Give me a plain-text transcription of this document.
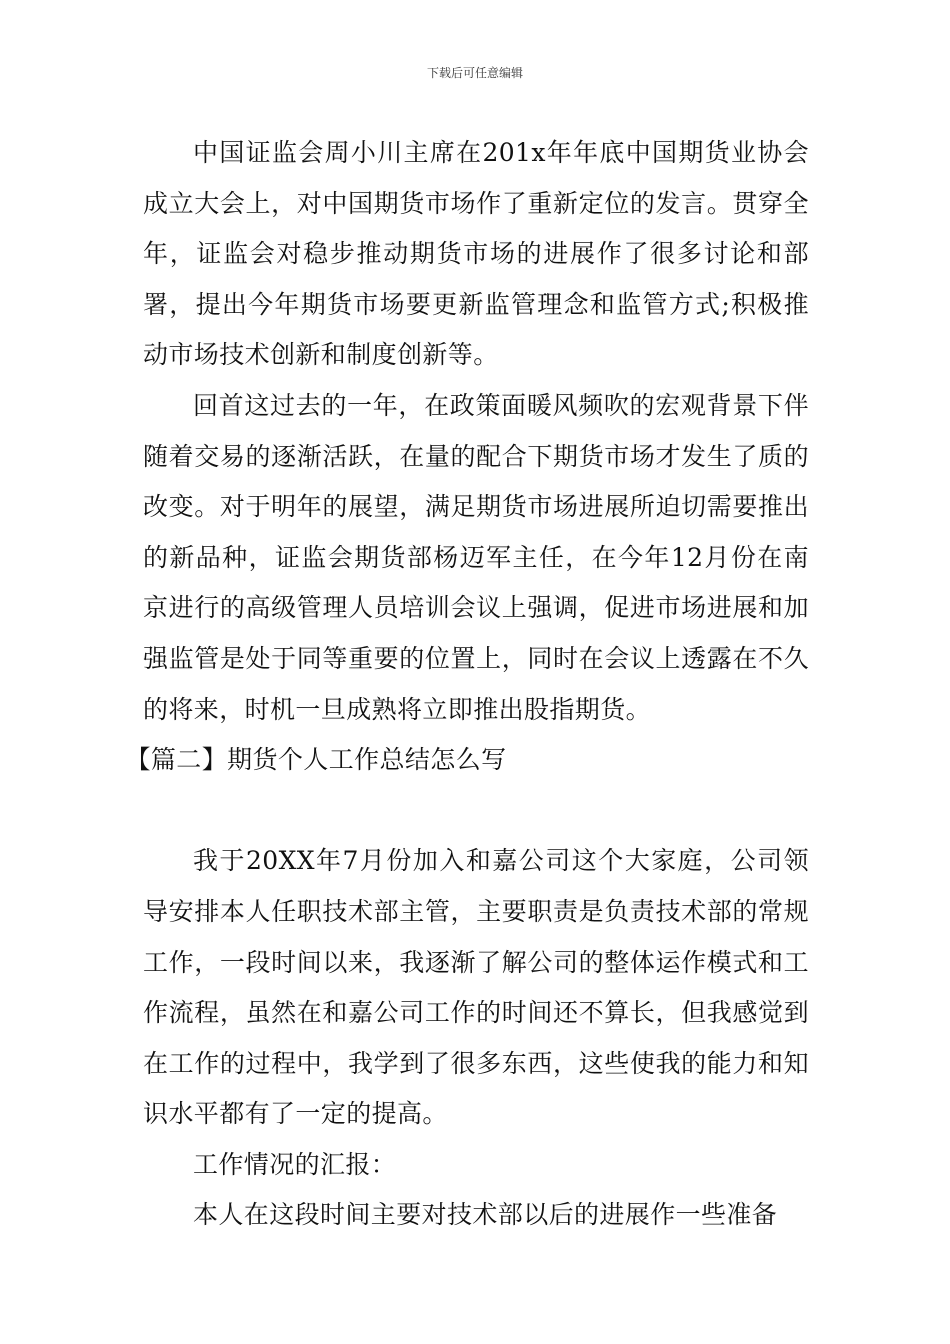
下载后可任意编辑

中国证监会周小川主席在201x年年底中国期货业协会成立大会上，对中国期货市场作了重新定位的发言。贯穿全年，证监会对稳步推动期货市场的进展作了很多讨论和部署，提出今年期货市场要更新监管理念和监管方式;积极推动市场技术创新和制度创新等。

回首这过去的一年，在政策面暖风频吹的宏观背景下伴随着交易的逐渐活跃，在量的配合下期货市场才发生了质的改变。对于明年的展望，满足期货市场进展所迫切需要推出的新品种，证监会期货部杨迈军主任，在今年12月份在南京进行的高级管理人员培训会议上强调，促进市场进展和加强监管是处于同等重要的位置上，同时在会议上透露在不久的将来，时机一旦成熟将立即推出股指期货。

【篇二】期货个人工作总结怎么写

我于20XX年7月份加入和嘉公司这个大家庭，公司领导安排本人任职技术部主管，主要职责是负责技术部的常规工作，一段时间以来，我逐渐了解公司的整体运作模式和工作流程，虽然在和嘉公司工作的时间还不算长，但我感觉到在工作的过程中，我学到了很多东西，这些使我的能力和知识水平都有了一定的提高。

工作情况的汇报：

本人在这段时间主要对技术部以后的进展作一些准备
